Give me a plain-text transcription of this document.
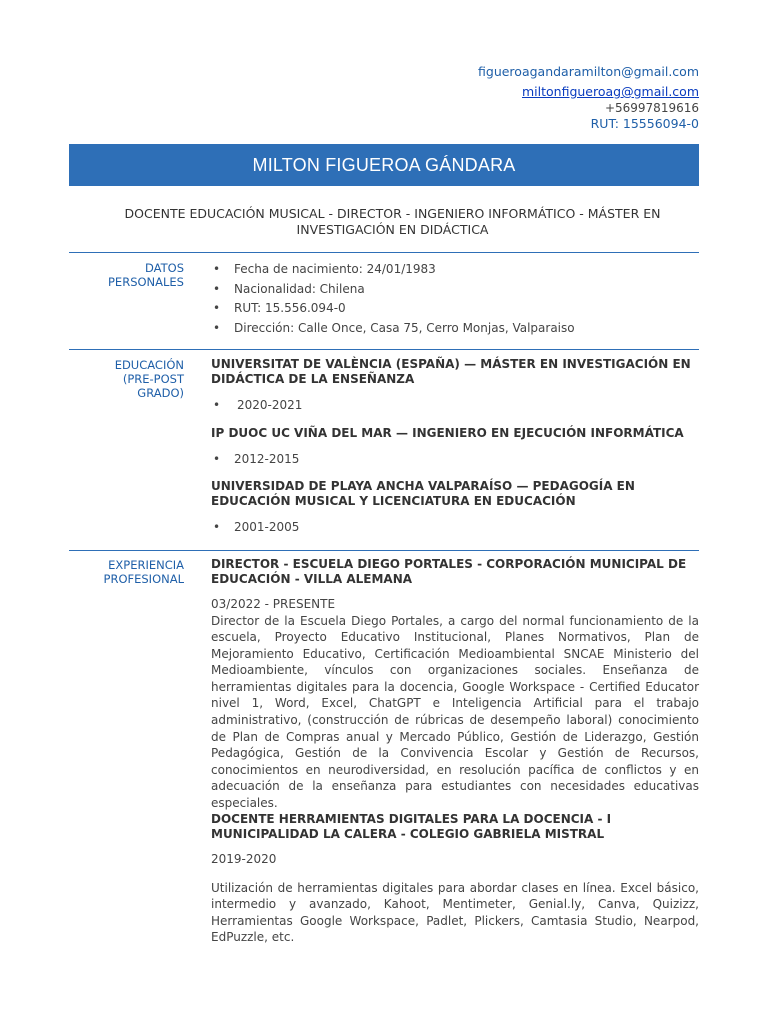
figueroagandaramilton@gmail.com
miltonfigueroag@gmail.com
+56997819616
RUT: 15556094-0
MILTON FIGUEROA GÁNDARA
DOCENTE EDUCACIÓN MUSICAL - DIRECTOR - INGENIERO INFORMÁTICO - MÁSTER EN INVESTIGACIÓN EN DIDÁCTICA
DATOS
PERSONALES
• Fecha de nacimiento: 24/01/1983
• Nacionalidad: Chilena
• RUT: 15.556.094-0
• Dirección: Calle Once, Casa 75, Cerro Monjas, Valparaiso
EDUCACIÓN
(PRE-POST
GRADO)

UNIVERSITAT DE VALÈNCIA (ESPAÑA) — MÁSTER EN INVESTIGACIÓN EN DIDÁCTICA DE LA ENSEÑANZA

• 2020-2021

IP DUOC UC VIÑA DEL MAR — INGENIERO EN EJECUCIÓN INFORMÁTICA

• 2012-2015

UNIVERSIDAD DE PLAYA ANCHA VALPARAÍSO — PEDAGOGÍA EN EDUCACIÓN MUSICAL Y LICENCIATURA EN EDUCACIÓN

• 2001-2005
EXPERIENCIA
PROFESIONAL

DIRECTOR - ESCUELA DIEGO PORTALES - CORPORACIÓN MUNICIPAL DE EDUCACIÓN - VILLA ALEMANA

03/2022 - PRESENTE

Director de la Escuela Diego Portales, a cargo del normal funcionamiento de la escuela, Proyecto Educativo Institucional, Planes Normativos, Plan de Mejoramiento Educativo, Certificación Medioambiental SNCAE Ministerio del Medioambiente, vínculos con organizaciones sociales. Enseñanza de herramientas digitales para la docencia, Google Workspace - Certified Educator nivel 1, Word, Excel, ChatGPT e Inteligencia Artificial para el trabajo administrativo, (construcción de rúbricas de desempeño laboral) conocimiento de Plan de Compras anual y Mercado Público, Gestión de Liderazgo, Gestión Pedagógica, Gestión de la Convivencia Escolar y Gestión de Recursos, conocimientos en neurodiversidad, en resolución pacífica de conflictos y en adecuación de la enseñanza para estudiantes con necesidades educativas especiales.

DOCENTE HERRAMIENTAS DIGITALES PARA LA DOCENCIA - I MUNICIPALIDAD LA CALERA - COLEGIO GABRIELA MISTRAL

2019-2020

Utilización de herramientas digitales para abordar clases en línea. Excel básico, intermedio y avanzado, Kahoot, Mentimeter, Genial.ly, Canva, Quizizz, Herramientas Google Workspace, Padlet, Plickers, Camtasia Studio, Nearpod, EdPuzzle, etc.
